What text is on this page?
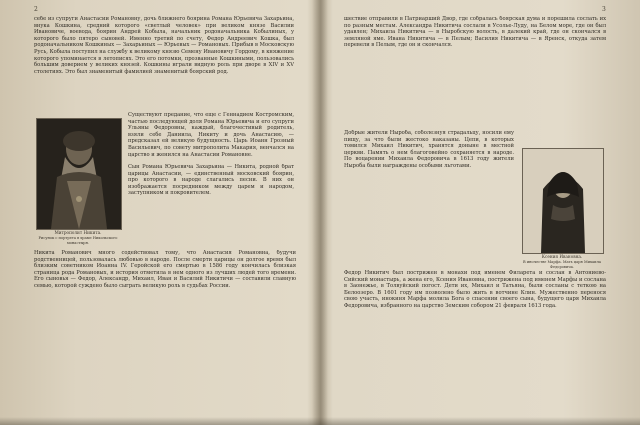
2
себе из супруги Анастасии Романовну, дочь ближнего боярина Романа Юрьевича Захарьина, внука Кошкина, средний которого «светлый человек» при великом князе Василии Ивановиче, воевода, боярин Андрей Кобыла, начальник родоначальника Кобылиных, у которого было пятеро сыновей. Именно третий по счету, Федор Андреевич Кошка, был родоначальником Кошкиных — Захарьиных — Юрьевых — Романовых. Прибыв в Московскую Русь, Кобыла поступил на службу к великому князю Семену Ивановичу Гордому, в княжение которого упоминается в летописях. Это его потомки, прозванные Кошкиными, пользовались большим доверием у великих князей. Кошкины играли видную роль при дворе в XIV и XV столетиях. Это был знаменитый фамилией знаменитый боярский род.
Существуют предание, что еще с Геннадием Костромским, частью последующей доля Романа Юрьевича и его супруги Ульяны Федоровны, каждый, благочестивый родитель, взяли себе Даниила, Никиту и дочь Анастасию, — предсказал ей великую будущность. Царь Иоанн Грозный Васильевич, по совету митрополита Макария, венчался на царство и женился на Анастасии Романовне.
Митрополит Никита.
Рисунок с портрета в храме Никольского монастыря.
Сын Романа Юрьевича Захарьина — Никита, родной брат царицы Анастасии, — единственный московский боярин, про которого в народе слагались песни. В них он изображается посредником между царем и народом, заступником и покровителем.
Никита Романович много содействовал тому, что Анастасия Романовна, будучи родственницей, пользовалась любовью в народе. После смерти царицы он долгое время был близким советником Иоанна IV. Геройской его смертью в 1586 году кончилась близкая страница рода Романовых, и история отметила в нем одного из лучших людей того времени. Его сыновья — Федор, Александр, Михаил, Иван и Василий Никитичи — составили славную семью, которой суждено было сыграть великую роль в судьбах России.
3
шествие отправили в Патриарший Двор, где собралась боярская дума и порешила сослать их по разным местам. Александра Никитича сослали в Усолье-Луду, на Белом море, где он был удавлен; Михаила Никитича — в Ныробскую волость, в далекий край, где он скончался в земляной яме. Ивана Никитича — в Пелым; Василия Никитича — в Яренск, откуда затем перевели в Пелым, где он и скончался.
Добрые жители Ныроба, соболезнуя страдальцу, носили ему пищу, за что были жестоко наказаны. Цепи, в которых томился Михаил Никитич, хранятся доныне в местной церкви. Память о нем благоговейно сохраняется в народе. По воцарении Михаила Федоровича в 1613 году жители Ныроба были награждены особыми льготами.
Ксения Ивановна.
В иночестве Марфа. Мать царя Михаила Федоровича.
Федор Никитич был пострижен в монахи под именем Филарета и сослан в Антониево-Сийский монастырь, а жена его, Ксения Ивановна, пострижена под именем Марфы и сослана в Заонежье, в Толвуйский погост. Дети их, Михаил и Татьяна, были сосланы с теткою на Белоозеро. В 1601 году им позволено было жить в вотчине Клин. Мужественно перенося свою участь, инокиня Марфа молила Бога о спасении своего сына, будущего царя Михаила Федоровича, избранного на царство Земским собором 21 февраля 1613 года.
